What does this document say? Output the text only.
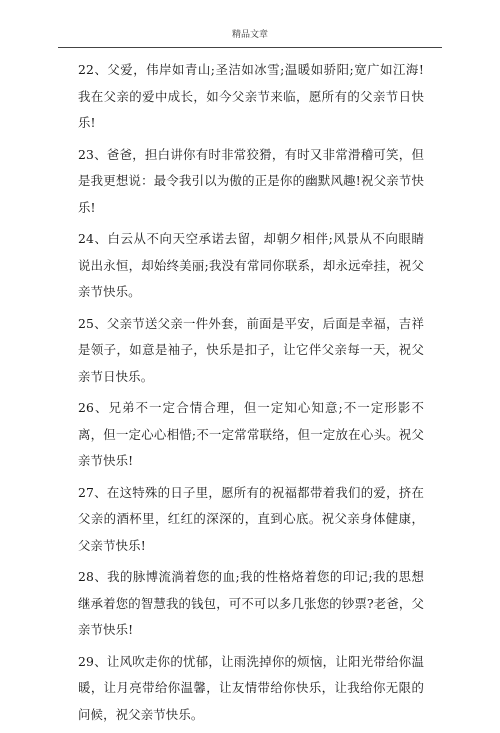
精品文章

22、父爱，伟岸如青山;圣洁如冰雪;温暖如骄阳;宽广如江海!我在父亲的爱中成长，如今父亲节来临，愿所有的父亲节日快乐!

23、爸爸，担白讲你有时非常狡猾，有时又非常滑稽可笑，但是我更想说：最令我引以为傲的正是你的幽默风趣!祝父亲节快乐!

24、白云从不向天空承诺去留，却朝夕相伴;风景从不向眼睛说出永恒，却始终美丽;我没有常同你联系，却永远牵挂，祝父亲节快乐。

25、父亲节送父亲一件外套，前面是平安，后面是幸福，吉祥是领子，如意是袖子，快乐是扣子，让它伴父亲每一天，祝父亲节日快乐。

26、兄弟不一定合情合理，但一定知心知意;不一定形影不离，但一定心心相惜;不一定常常联络，但一定放在心头。祝父亲节快乐!

27、在这特殊的日子里，愿所有的祝福都带着我们的爱，挤在父亲的酒杯里，红红的深深的，直到心底。祝父亲身体健康，父亲节快乐!

28、我的脉博流淌着您的血;我的性格烙着您的印记;我的思想继承着您的智慧我的钱包，可不可以多几张您的钞票?老爸，父亲节快乐!

29、让风吹走你的忧郁，让雨洗掉你的烦恼，让阳光带给你温暖，让月亮带给你温馨，让友情带给你快乐，让我给你无限的问候，祝父亲节快乐。
